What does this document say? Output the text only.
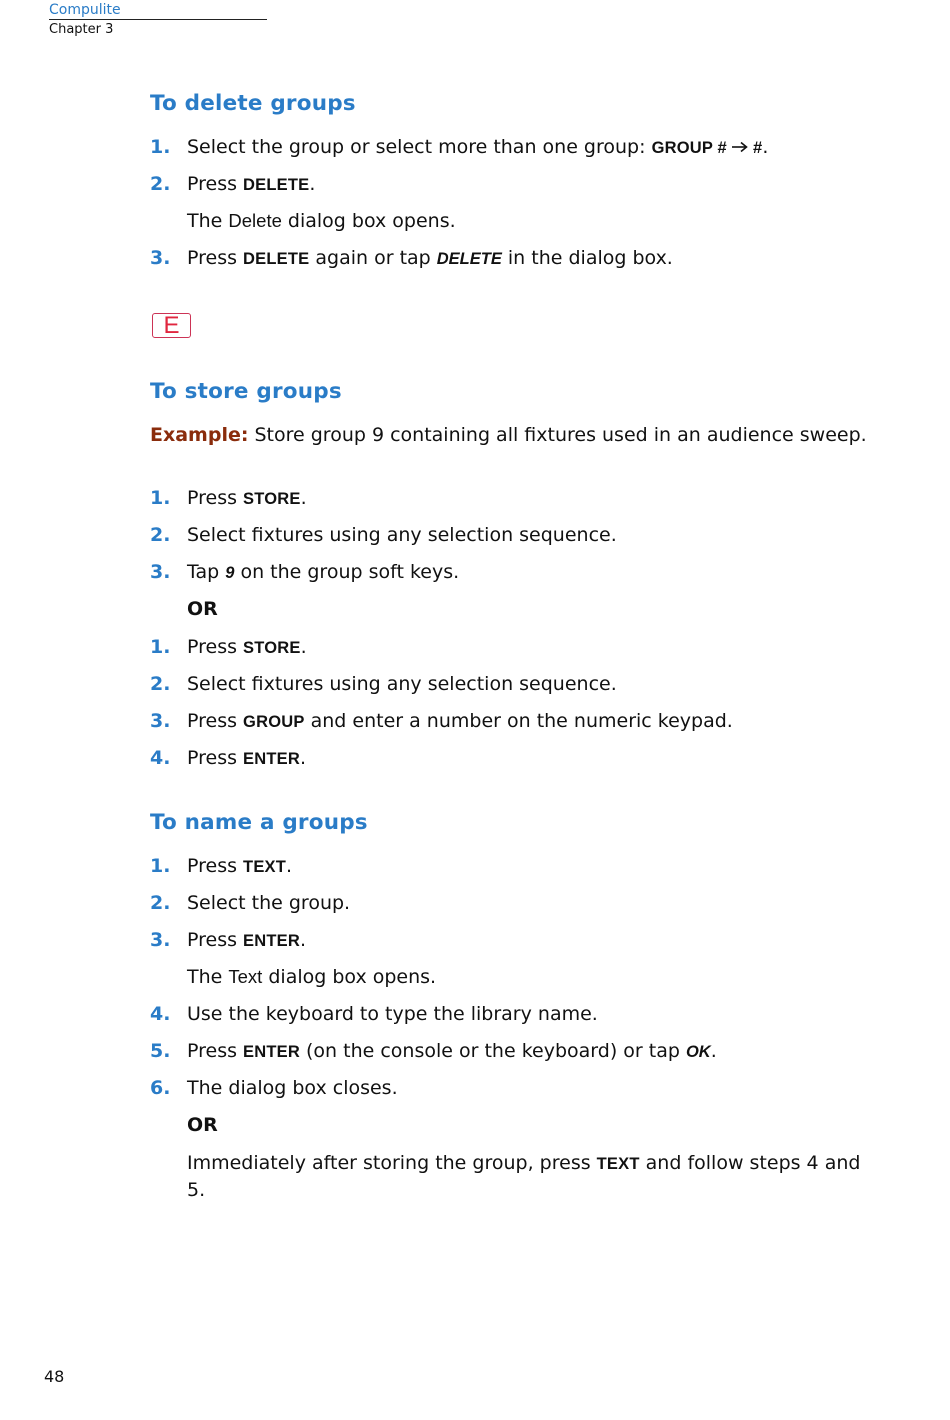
Compulite
Chapter 3
To delete groups
1. Select the group or select more than one group: GROUP # #.
2. Press DELETE.
The Delete dialog box opens.
3. Press DELETE again or tap DELETE in the dialog box.
E
To store groups
Example: Store group 9 containing all fixtures used in an audience sweep.
1. Press STORE.
2. Select fixtures using any selection sequence.
3. Tap 9 on the group soft keys.
OR
1. Press STORE.
2. Select fixtures using any selection sequence.
3. Press GROUP and enter a number on the numeric keypad.
4. Press ENTER.
To name a groups
1. Press TEXT.
2. Select the group.
3. Press ENTER.
The Text dialog box opens.
4. Use the keyboard to type the library name.
5. Press ENTER (on the console or the keyboard) or tap OK.
6. The dialog box closes.
OR
Immediately after storing the group, press TEXT and follow steps 4 and 5.
48
